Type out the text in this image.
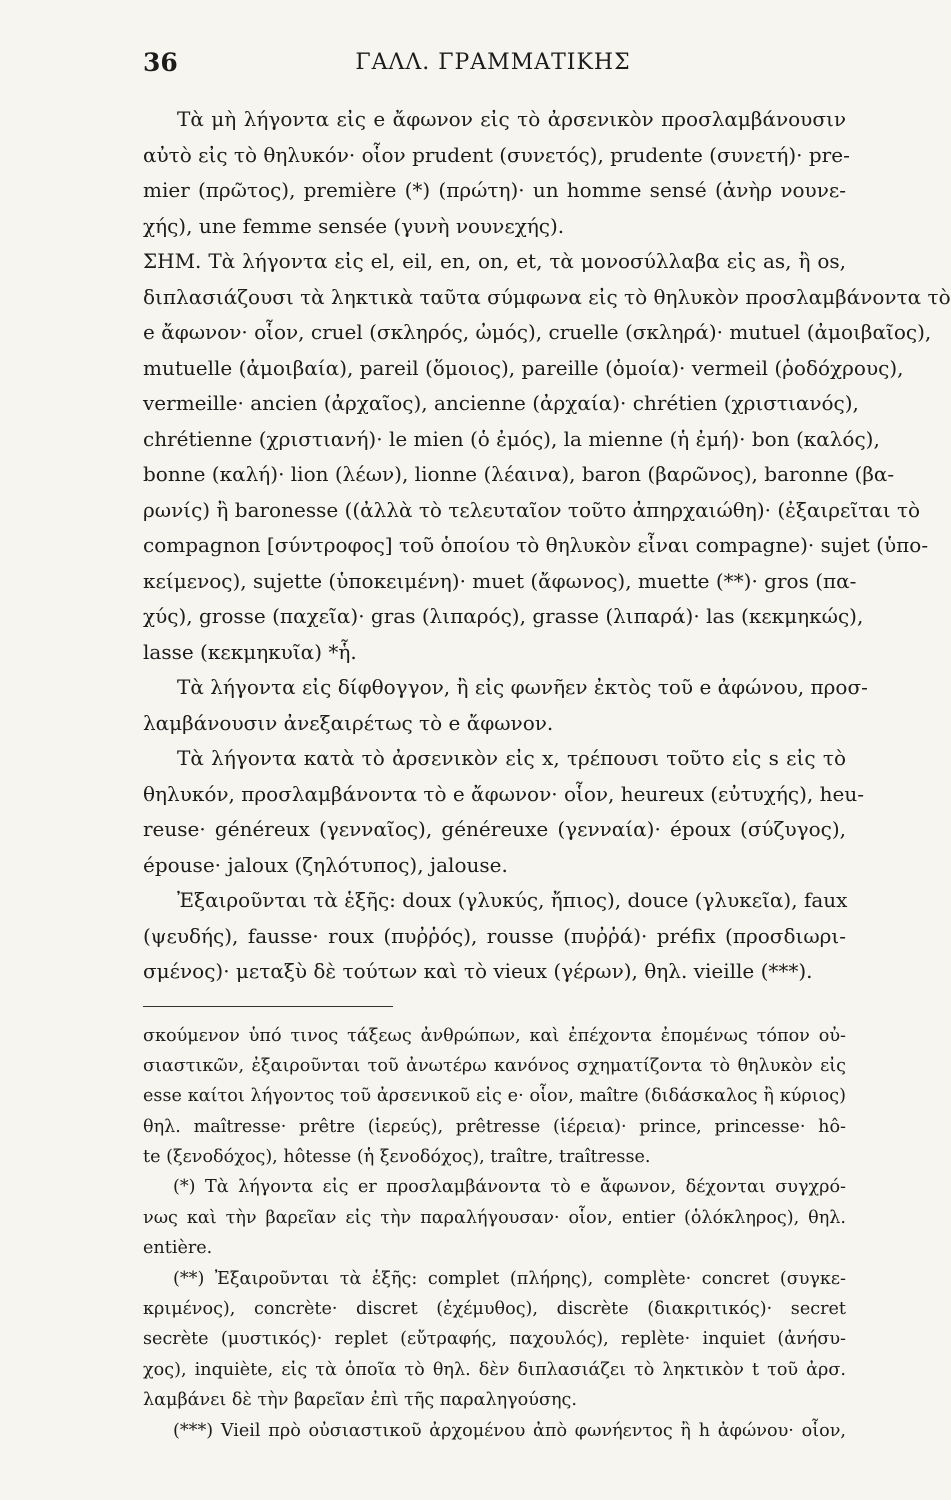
36	ΓΑΛΛ. ΓΡΑΜΜΑΤΙΚΗΣ
Τὰ μὴ λήγοντα εἰς e ἄφωνον εἰς τὸ ἀρσενικὸν προσλαμβάνουσιν
αὐτὸ εἰς τὸ θηλυκόν· οἷον prudent (συνετός), prudente (συνετή)· pre-
mier (πρῶτος), première (*) (πρώτη)· un homme sensé (ἀνὴρ νουνε-
χής), une femme sensée (γυνὴ νουνεχής).
ΣΗΜ. Τὰ λήγοντα εἰς el, eil, en, on, et, τὰ μονοσύλλαβα εἰς as, ἢ os,
διπλασιάζουσι τὰ ληκτικὰ ταῦτα σύμφωνα εἰς τὸ θηλυκὸν προσλαμβάνοντα τὸ
e ἄφωνον· οἷον, cruel (σκληρός, ὠμός), cruelle (σκληρά)· mutuel (ἀμοιβαῖος),
mutuelle (ἀμοιβαία), pareil (ὅμοιος), pareille (ὁμοία)· vermeil (ῥοδόχρους),
vermeille· ancien (ἀρχαῖος), ancienne (ἀρχαία)· chrétien (χριστιανός),
chrétienne (χριστιανή)· le mien (ὁ ἐμός), la mienne (ἡ ἐμή)· bon (καλός),
bonne (καλή)· lion (λέων), lionne (λέαινα), baron (βαρῶνος), baronne (βα-
ρωνίς) ἢ baronesse ((ἀλλὰ τὸ τελευταῖον τοῦτο ἀπηρχαιώθη)· (ἐξαιρεῖται τὸ
compagnon [σύντροφος] τοῦ ὁποίου τὸ θηλυκὸν εἶναι compagne)· sujet (ὑπο-
κείμενος), sujette (ὑποκειμένη)· muet (ἄφωνος), muette (**)· gros (πα-
χύς), grosse (παχεῖα)· gras (λιπαρός), grasse (λιπαρά)· las (κεκμηκώς),
lasse (κεκμηκυῖα) *ἧ.
Τὰ λήγοντα εἰς δίφθογγον, ἢ εἰς φωνῆεν ἐκτὸς τοῦ e ἀφώνου, προσ-
λαμβάνουσιν ἀνεξαιρέτως τὸ e ἄφωνον.
Τὰ λήγοντα κατὰ τὸ ἀρσενικὸν εἰς x, τρέπουσι τοῦτο εἰς s εἰς τὸ
θηλυκόν, προσλαμβάνοντα τὸ e ἄφωνον· οἷον, heureux (εὐτυχής), heu-
reuse· généreux (γενναῖος), généreuxe (γενναία)· époux (σύζυγος),
épouse· jaloux (ζηλότυπος), jalouse.
Ἐξαιροῦνται τὰ ἑξῆς: doux (γλυκύς, ἤπιος), douce (γλυκεῖα), faux
(ψευδής), fausse· roux (πυῤῥός), rousse (πυῤῥά)· préfix (προσδιωρι-
σμένος)· μεταξὺ δὲ τούτων καὶ τὸ vieux (γέρων), θηλ. vieille (***).
σκούμενον ὑπό τινος τάξεως ἀνθρώπων, καὶ ἐπέχοντα ἐπομένως τόπον οὐ-
σιαστικῶν, ἐξαιροῦνται τοῦ ἀνωτέρω κανόνος σχηματίζοντα τὸ θηλυκὸν εἰς
esse καίτοι λήγοντος τοῦ ἀρσενικοῦ εἰς e· οἷον, maître (διδάσκαλος ἢ κύριος)
θηλ. maîtresse· prêtre (ἱερεύς), prêtresse (ἱέρεια)· prince, princesse· hô-
te (ξενοδόχος), hôtesse (ἡ ξενοδόχος), traître, traîtresse.
(*) Τὰ λήγοντα εἰς er προσλαμβάνοντα τὸ e ἄφωνον, δέχονται συγχρό-
νως καὶ τὴν βαρεῖαν εἰς τὴν παραλήγουσαν· οἷον, entier (ὁλόκληρος), θηλ.
entière.
(**) Ἐξαιροῦνται τὰ ἑξῆς: complet (πλήρης), complète· concret (συγκε-
κριμένος), concrète· discret (ἐχέμυθος), discrète (διακριτικός)· secret
secrète (μυστικός)· replet (εὔτραφής, παχουλός), replète· inquiet (ἀνήσυ-
χος), inquiète, εἰς τὰ ὁποῖα τὸ θηλ. δὲν διπλασιάζει τὸ ληκτικὸν t τοῦ ἀρσ.
λαμβάνει δὲ τὴν βαρεῖαν ἐπὶ τῆς παραληγούσης.
(***) Vieil πρὸ οὐσιαστικοῦ ἀρχομένου ἀπὸ φωνήεντος ἢ h ἀφώνου· οἷον,
